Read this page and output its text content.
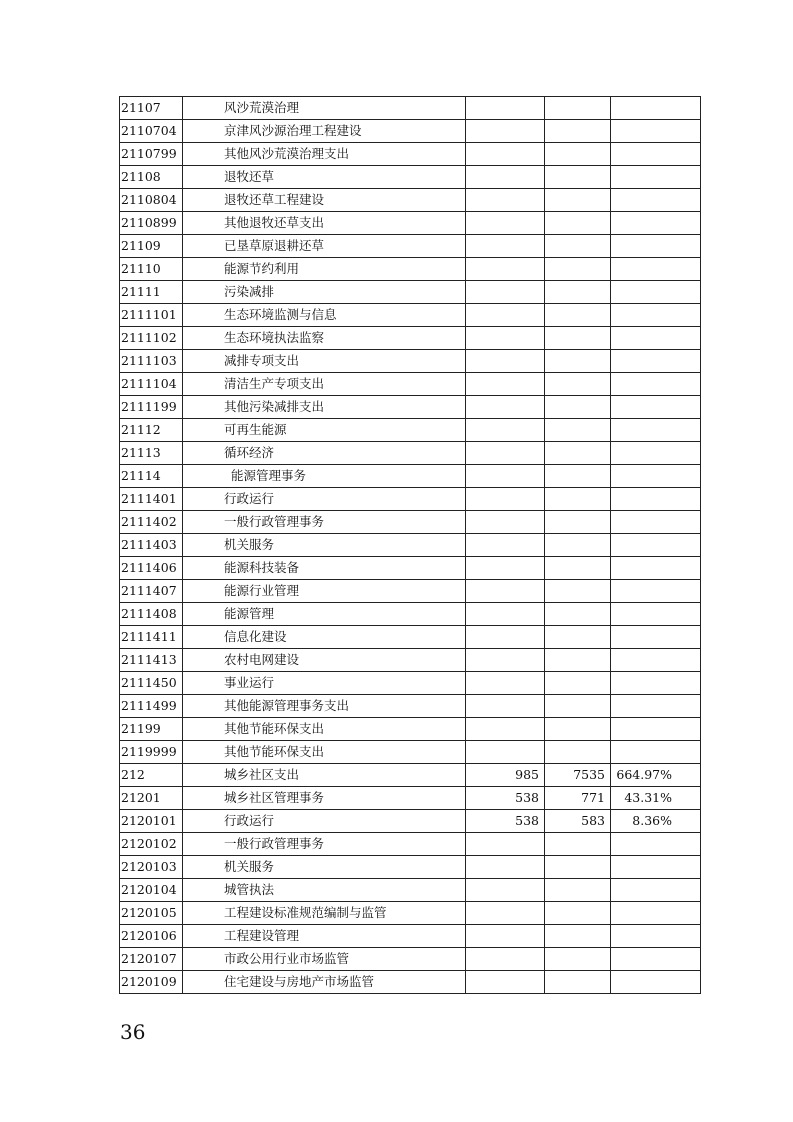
21107	风沙荒漠治理			
2110704	京津风沙源治理工程建设			
2110799	其他风沙荒漠治理支出			
21108	退牧还草			
2110804	退牧还草工程建设			
2110899	其他退牧还草支出			
21109	已垦草原退耕还草			
21110	能源节约利用			
21111	污染减排			
2111101	生态环境监测与信息			
2111102	生态环境执法监察			
2111103	减排专项支出			
2111104	清洁生产专项支出			
2111199	其他污染减排支出			
21112	可再生能源			
21113	循环经济			
21114	能源管理事务			
2111401	行政运行			
2111402	一般行政管理事务			
2111403	机关服务			
2111406	能源科技装备			
2111407	能源行业管理			
2111408	能源管理			
2111411	信息化建设			
2111413	农村电网建设			
2111450	事业运行			
2111499	其他能源管理事务支出			
21199	其他节能环保支出			
2119999	其他节能环保支出			
212	城乡社区支出	985	7535	664.97%
21201	城乡社区管理事务	538	771	43.31%
2120101	行政运行	538	583	8.36%
2120102	一般行政管理事务			
2120103	机关服务			
2120104	城管执法			
2120105	工程建设标准规范编制与监管			
2120106	工程建设管理			
2120107	市政公用行业市场监管			
2120109	住宅建设与房地产市场监管			
36
